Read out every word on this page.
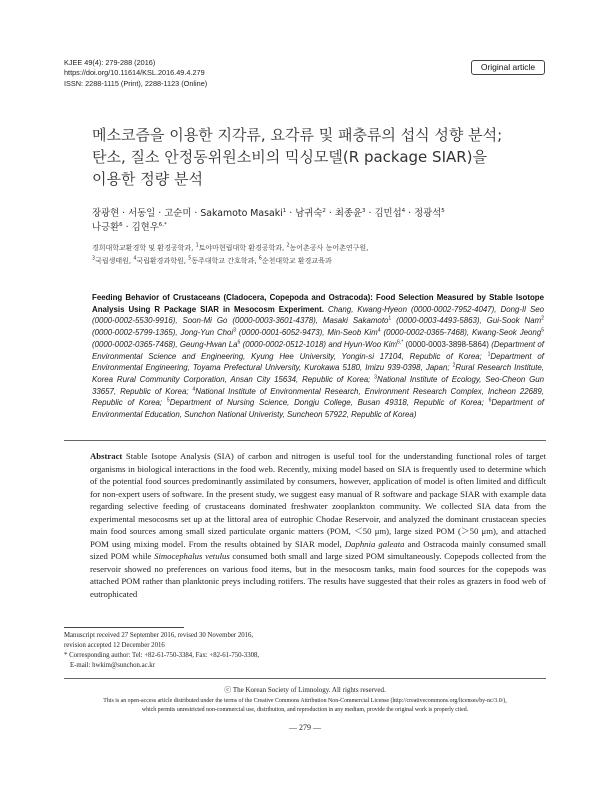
KJEE 49(4): 279-288 (2016)
https://doi.org/10.11614/KSL.2016.49.4.279
ISSN: 2288-1115 (Print), 2288-1123 (Online)
Original article
메소코즘을 이용한 지각류, 요각류 및 패충류의 섭식 성향 분석;
탄소, 질소 안정동위원소비의 믹싱모델(R package SIAR)을
이용한 정량 분석
장광현 · 서동일 · 고순미 · Sakamoto Masaki$^1$ · 남귀숙$^2$ · 최종윤$^3$ · 김민섭$^4$ · 정광석$^5$
나긍환$^6$ · 김현우$^{6,*}$
경희대학교환경학 및 환경공학과, $^1$토야마현립대학 환경공학과, $^2$농어촌공사 농어촌연구원,
$^3$국립생태원, $^4$국립환경과학원, $^5$동주대학교 간호학과, $^6$순천대학교 환경교육과
Feeding Behavior of Crustaceans (Cladocera, Copepoda and Ostracoda): Food Selection Measured by Stable Isotope Analysis Using R Package SIAR in Mesocosm Experiment. Chang, Kwang-Hyeon (0000-0002-7952-4047), Dong-Il Seo (0000-0002-5530-9916), Soon-Mi Go (0000-0003-3601-4378), Masaki Sakamoto$^1$ (0000-0003-4493-5863), Gui-Sook Nam$^2$ (0000-0002-5799-1365), Jong-Yun Choi$^3$ (0000-0001-6052-9473), Min-Seob Kim$^4$ (0000-0002-0365-7468), Kwang-Seok Jeong$^5$ (0000-0002-0365-7468), Geung-Hwan La$^6$ (0000-0002-0512-1018) and Hyun-Woo Kim$^{6,*}$ (0000-0003-3898-5864) (Department of Environmental Science and Engineering, Kyung Hee University, Yongin-si 17104, Republic of Korea; $^1$Department of Environmental Engineering, Toyama Prefectural University, Kurokawa 5180, Imizu 939-0398, Japan; $^2$Rural Research Institute, Korea Rural Community Corporation, Ansan City 15634, Republic of Korea; $^3$National Institute of Ecology, Seo-Cheon Gun 33657, Republic of Korea; $^4$National Institute of Environmental Research, Environment Research Complex, Incheon 22689, Republic of Korea; $^5$Department of Nursing Science, Dongju College, Busan 49318, Republic of Korea; $^6$Department of Environmental Education, Sunchon National Univeristy, Suncheon 57922, Republic of Korea)
Abstract Stable Isotope Analysis (SIA) of carbon and nitrogen is useful tool for the understanding functional roles of target organisms in biological interactions in the food web. Recently, mixing model based on SIA is frequently used to determine which of the potential food sources predominantly assimilated by consumers, however, application of model is often limited and difficult for non-expert users of software. In the present study, we suggest easy manual of R software and package SIAR with example data regarding selective feeding of crustaceans dominated freshwater zooplankton community. We collected SIA data from the experimental mesocosms set up at the littoral area of eutrophic Chodae Reservoir, and analyzed the dominant crustacean species main food sources among small sized particulate organic matters (POM, ＜50 μm), large sized POM (＞50 μm), and attached POM using mixing model. From the results obtained by SIAR model, Daphnia galeata and Ostracoda mainly consumed small sized POM while Simocephalus vetulus consumed both small and large sized POM simultaneously. Copepods collected from the reservoir showed no preferences on various food items, but in the mesocosm tanks, main food sources for the copepods was attached POM rather than planktonic preys including rotifers. The results have suggested that their roles as grazers in food web of eutrophicated
Manuscript received 27 September 2016, revised 30 November 2016,
revision accepted 12 December 2016
* Corresponding author: Tel: +82-61-750-3384, Fax: +82-61-750-3308,
E-mail: hwkim@sunchon.ac.kr
ⓒ The Korean Society of Limnology. All rights reserved.
This is an open-access article distributed under the terms of the Creative Commons Attribution Non-Commercial License (http://creativecommons.org/licenses/by-nc/3.0/),
which permits unrestricted non-commercial use, distribution, and reproduction in any medium, provide the original work is properly cited.
— 279 —
